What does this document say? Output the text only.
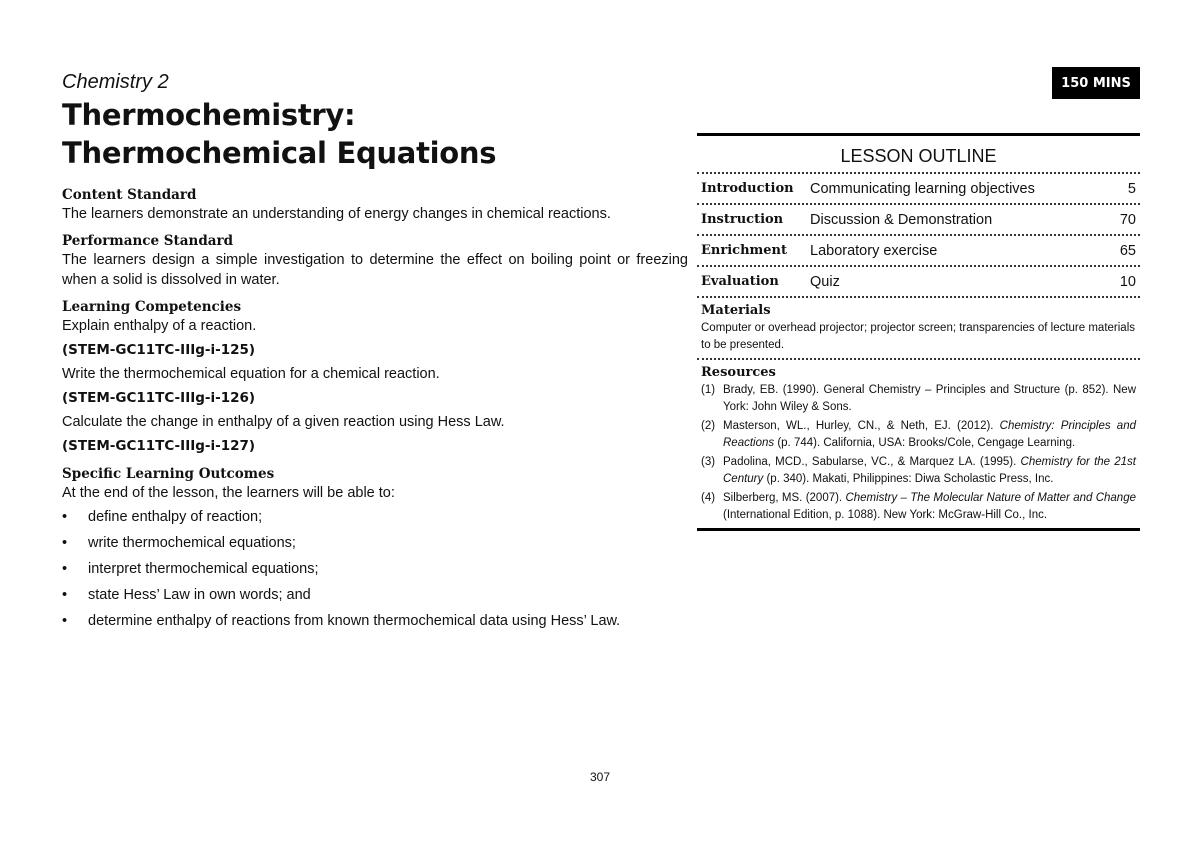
Chemistry 2
Thermochemistry:
Thermochemical Equations
Content Standard
The learners demonstrate an understanding of energy changes in chemical reactions.
Performance Standard
The learners design a simple investigation to determine the effect on boiling point or freezing when a solid is dissolved in water.
Learning Competencies
Explain enthalpy of a reaction.
(STEM-GC11TC-IIIg-i-125)
Write the thermochemical equation for a chemical reaction.
(STEM-GC11TC-IIIg-i-126)
Calculate the change in enthalpy of a given reaction using Hess Law.
(STEM-GC11TC-IIIg-i-127)
Specific Learning Outcomes
At the end of the lesson, the learners will be able to:
• define enthalpy of reaction;
• write thermochemical equations;
• interpret thermochemical equations;
• state Hess’ Law in own words; and
• determine enthalpy of reactions from known thermochemical data using Hess’ Law.
150 MINS
LESSON OUTLINE
Introduction	Communicating learning objectives	5
Instruction	Discussion & Demonstration	70
Enrichment	Laboratory exercise	65
Evaluation	Quiz	10
Materials
Computer or overhead projector; projector screen; transparencies of lecture materials to be presented.
Resources
(1) Brady, EB. (1990). General Chemistry – Principles and Structure (p. 852). New York: John Wiley & Sons.
(2) Masterson, WL., Hurley, CN., & Neth, EJ. (2012). Chemistry: Principles and Reactions (p. 744). California, USA: Brooks/Cole, Cengage Learning.
(3) Padolina, MCD., Sabularse, VC., & Marquez LA. (1995). Chemistry for the 21st Century (p. 340). Makati, Philippines: Diwa Scholastic Press, Inc.
(4) Silberberg, MS. (2007). Chemistry – The Molecular Nature of Matter and Change (International Edition, p. 1088). New York: McGraw-Hill Co., Inc.
307
